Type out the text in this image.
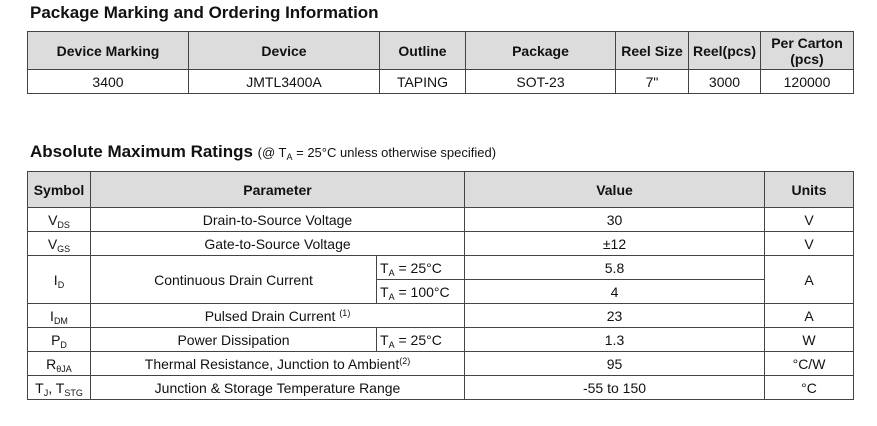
Package Marking and Ordering Information
Device Marking	Device	Outline	Package	Reel Size	Reel(pcs)	Per Carton
(pcs)
3400	JMTL3400A	TAPING	SOT-23	7"	3000	120000
Absolute Maximum Ratings (@ $T_A = 25^\circ C$ unless otherwise specified)
Symbol	Parameter		Value	Units
$V_{DS}$	Drain-to-Source Voltage		30	V
$V_{GS}$	Gate-to-Source Voltage		±12	V
$I_D$	Continuous Drain Current	$T_A = 25^\circ C$	5.8	A
		$T_A = 100^\circ C$	4	
$I_{DM}$	Pulsed Drain Current $^{(1)}$		23	A
$P_D$	Power Dissipation	$T_A = 25^\circ C$	1.3	W
$R_{\theta JA}$	Thermal Resistance, Junction to Ambient$^{(2)}$		95	°C/W
$T_J$, $T_{STG}$	Junction & Storage Temperature Range		-55 to 150	°C
